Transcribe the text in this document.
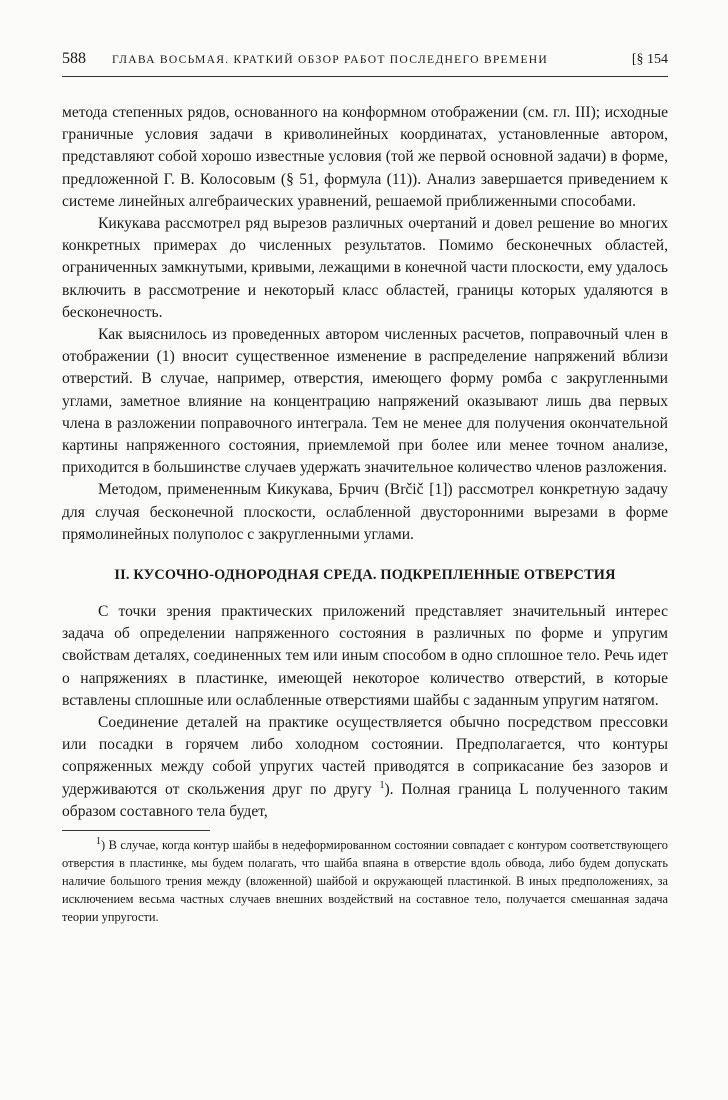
588	ГЛАВА ВОСЬМАЯ. КРАТКИЙ ОБЗОР РАБОТ ПОСЛЕДНЕГО ВРЕМЕНИ	[§ 154

метода степенных рядов, основанного на конформном отображении (см. гл. III); исходные граничные условия задачи в криволинейных координатах, установленные автором, представляют собой хорошо известные условия (той же первой основной задачи) в форме, предложенной Г. В. Колосовым (§ 51, формула (11)). Анализ завершается приведением к системе линейных алгебраических уравнений, решаемой приближенными способами.

Кикукава рассмотрел ряд вырезов различных очертаний и довел решение во многих конкретных примерах до численных результатов. Помимо бесконечных областей, ограниченных замкнутыми, кривыми, лежащими в конечной части плоскости, ему удалось включить в рассмотрение и некоторый класс областей, границы которых удаляются в бесконечность.

Как выяснилось из проведенных автором численных расчетов, поправочный член в отображении (1) вносит существенное изменение в распределение напряжений вблизи отверстий. В случае, например, отверстия, имеющего форму ромба с закругленными углами, заметное влияние на концентрацию напряжений оказывают лишь два первых члена в разложении поправочного интеграла. Тем не менее для получения окончательной картины напряженного состояния, приемлемой при более или менее точном анализе, приходится в большинстве случаев удержать значительное количество членов разложения.

Методом, примененным Кикукава, Брчич (Brčič [1]) рассмотрел конкретную задачу для случая бесконечной плоскости, ослабленной двусторонними вырезами в форме прямолинейных полуполос с закругленными углами.

II. КУСОЧНО-ОДНОРОДНАЯ СРЕДА. ПОДКРЕПЛЕННЫЕ ОТВЕРСТИЯ

С точки зрения практических приложений представляет значительный интерес задача об определении напряженного состояния в различных по форме и упругим свойствам деталях, соединенных тем или иным способом в одно сплошное тело. Речь идет о напряжениях в пластинке, имеющей некоторое количество отверстий, в которые вставлены сплошные или ослабленные отверстиями шайбы с заданным упругим натягом.

Соединение деталей на практике осуществляется обычно посредством прессовки или посадки в горячем либо холодном состоянии. Предполагается, что контуры сопряженных между собой упругих частей приводятся в соприкасание без зазоров и удерживаются от скольжения друг по другу $^1$). Полная граница L полученного таким образом составного тела будет,

$^1$) В случае, когда контур шайбы в недеформированном состоянии совпадает с контуром соответствующего отверстия в пластинке, мы будем полагать, что шайба впаяна в отверстие вдоль обвода, либо будем допускать наличие большого трения между (вложенной) шайбой и окружающей пластинкой. В иных предположениях, за исключением весьма частных случаев внешних воздействий на составное тело, получается смешанная задача теории упругости.
